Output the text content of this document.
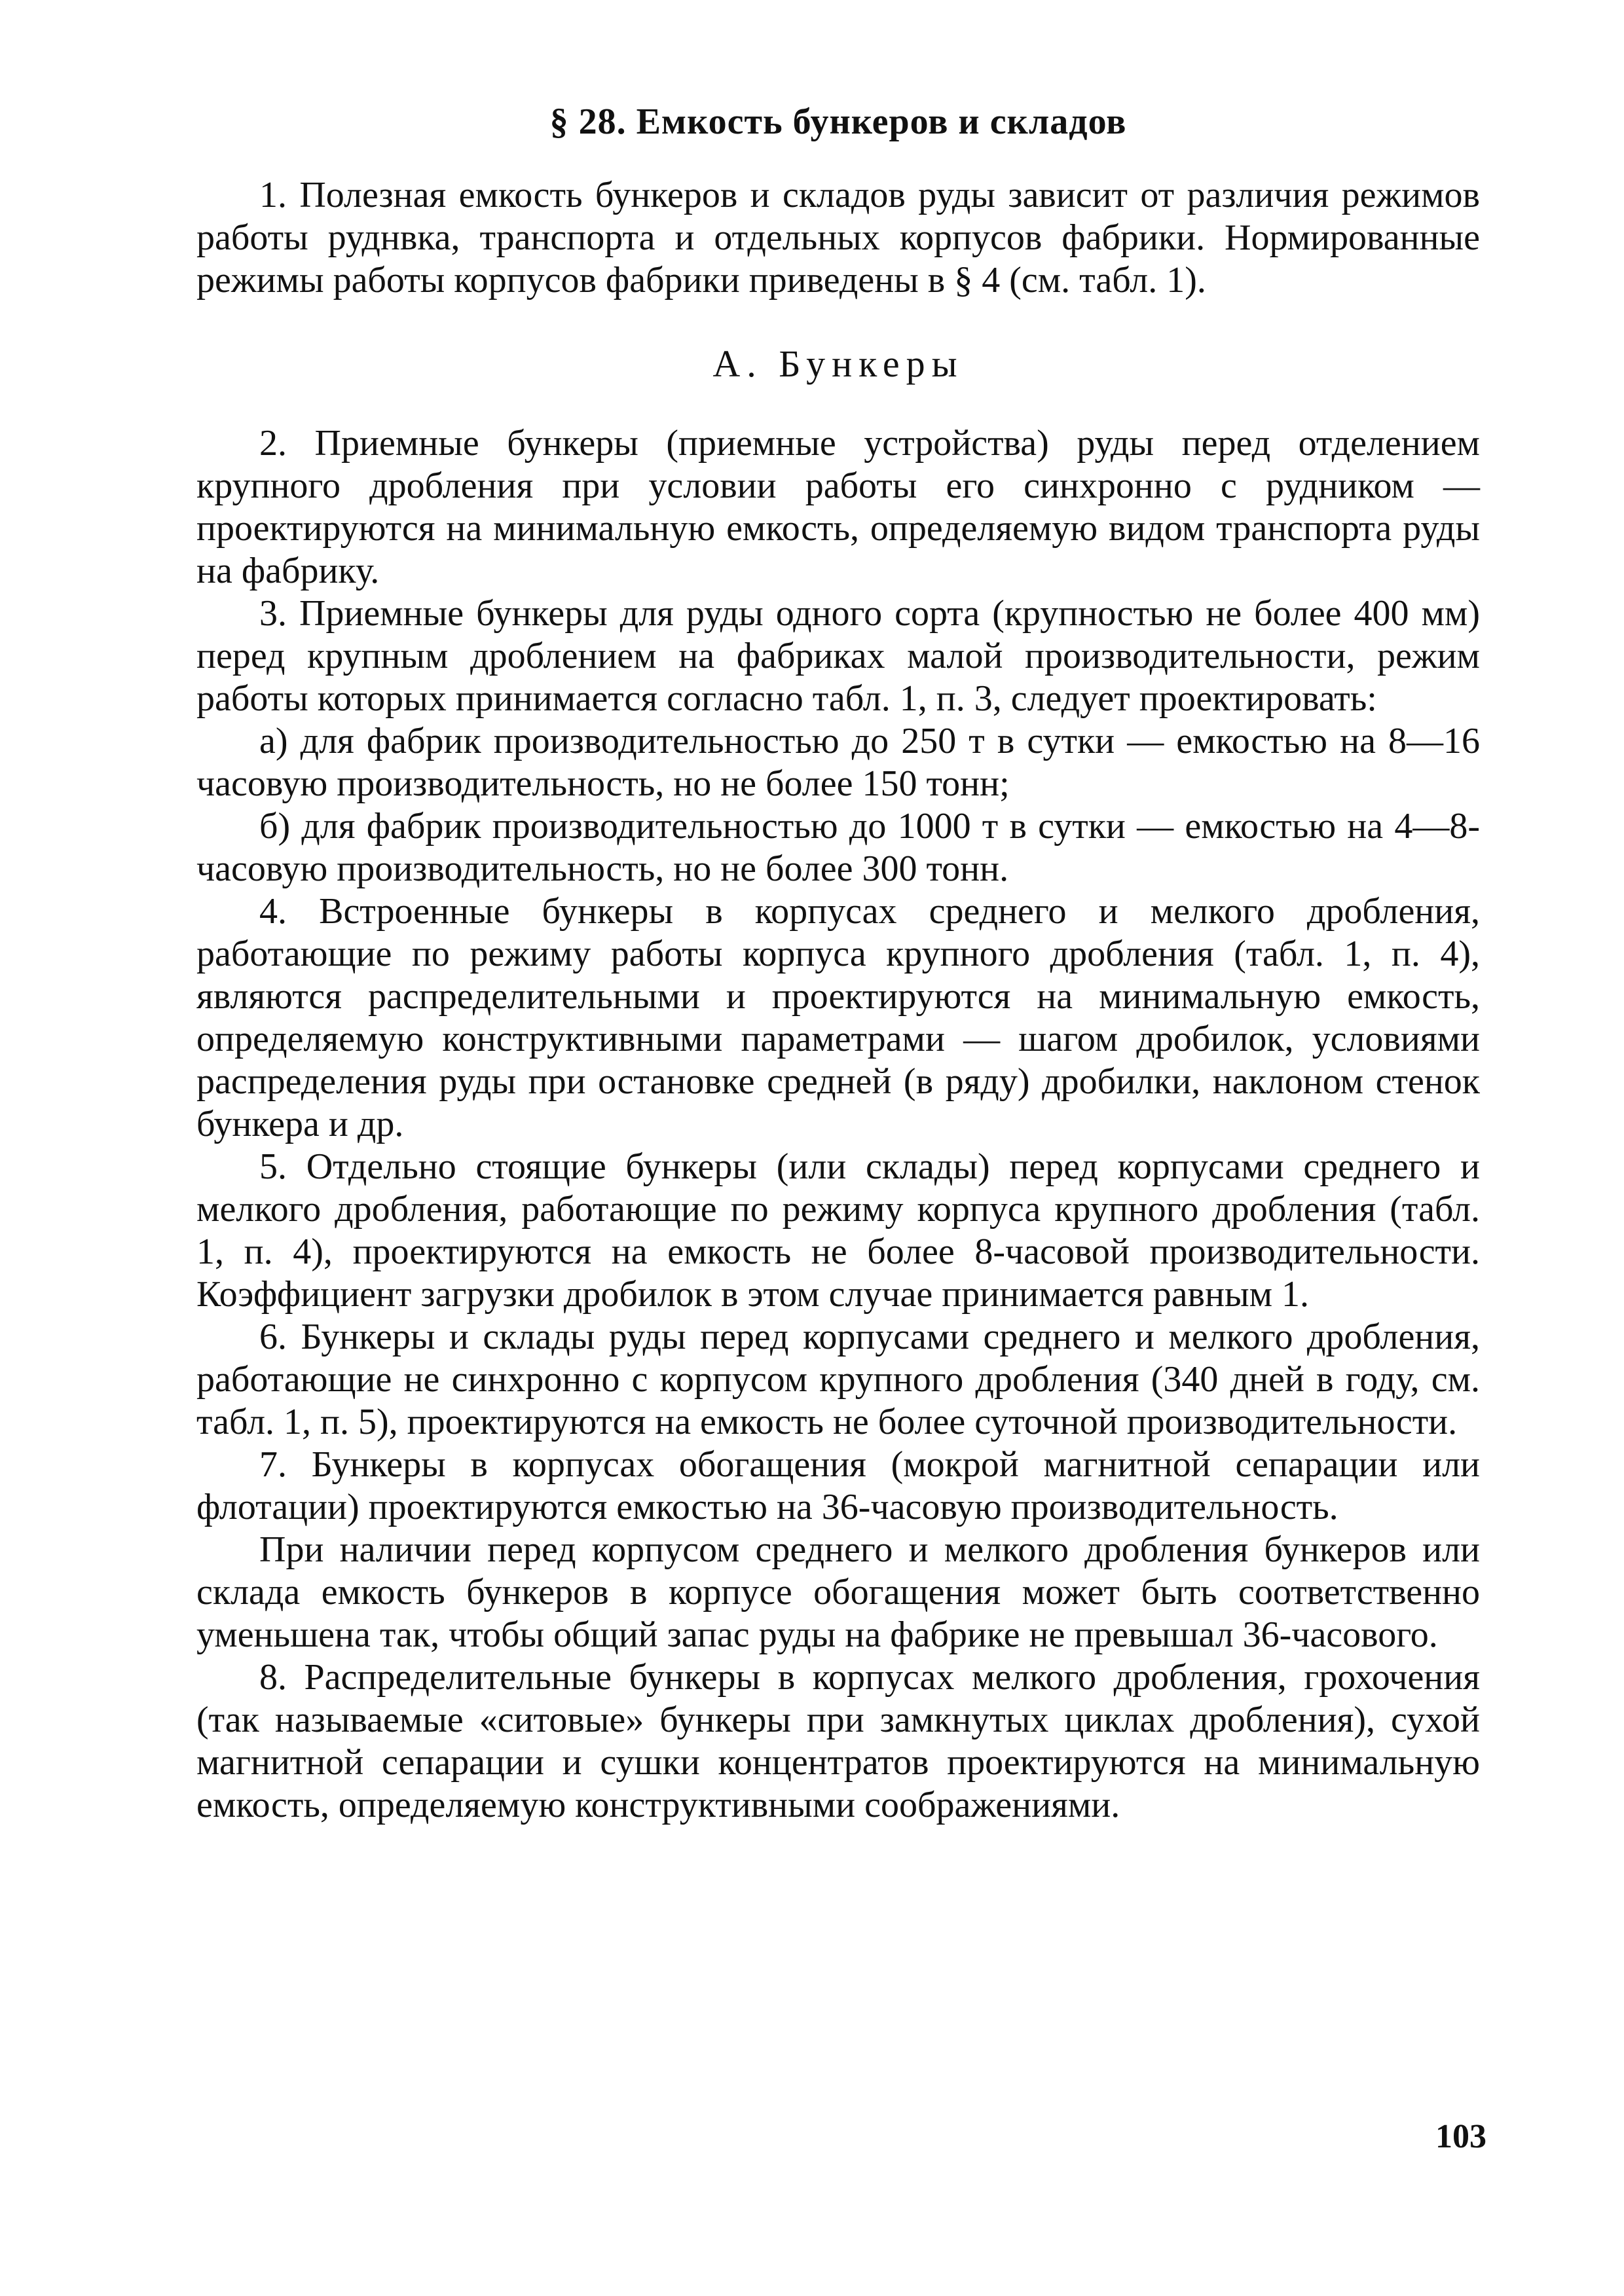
§ 28. Емкость бункеров и складов

1. Полезная емкость бункеров и складов руды зависит от различия режимов работы руднвка, транспорта и отдельных корпусов фабрики. Нормированные режимы работы корпусов фабрики приведены в § 4 (см. табл. 1).

А. Бункеры

2. Приемные бункеры (приемные устройства) руды перед отделением крупного дробления при условии работы его синхронно с рудником — проектируются на минимальную емкость, определяемую видом транспорта руды на фабрику.

3. Приемные бункеры для руды одного сорта (крупностью не более 400 мм) перед крупным дроблением на фабриках малой производительности, режим работы которых принимается согласно табл. 1, п. 3, следует проектировать:

а) для фабрик производительностью до 250 т в сутки — емкостью на 8—16 часовую производительность, но не более 150 тонн;

б) для фабрик производительностью до 1000 т в сутки — емкостью на 4—8-часовую производительность, но не более 300 тонн.

4. Встроенные бункеры в корпусах среднего и мелкого дробления, работающие по режиму работы корпуса крупного дробления (табл. 1, п. 4), являются распределительными и проектируются на минимальную емкость, определяемую конструктивными параметрами — шагом дробилок, условиями распределения руды при остановке средней (в ряду) дробилки, наклоном стенок бункера и др.

5. Отдельно стоящие бункеры (или склады) перед корпусами среднего и мелкого дробления, работающие по режиму корпуса крупного дробления (табл. 1, п. 4), проектируются на емкость не более 8-часовой производительности. Коэффициент загрузки дробилок в этом случае принимается равным 1.

6. Бункеры и склады руды перед корпусами среднего и мелкого дробления, работающие не синхронно с корпусом крупного дробления (340 дней в году, см. табл. 1, п. 5), проектируются на емкость не более суточной производительности.

7. Бункеры в корпусах обогащения (мокрой магнитной сепарации или флотации) проектируются емкостью на 36-часовую производительность.

При наличии перед корпусом среднего и мелкого дробления бункеров или склада емкость бункеров в корпусе обогащения может быть соответственно уменьшена так, чтобы общий запас руды на фабрике не превышал 36-часового.

8. Распределительные бункеры в корпусах мелкого дробления, грохочения (так называемые «ситовые» бункеры при замкнутых циклах дробления), сухой магнитной сепарации и сушки концентратов проектируются на минимальную емкость, определяемую конструктивными соображениями.

103
